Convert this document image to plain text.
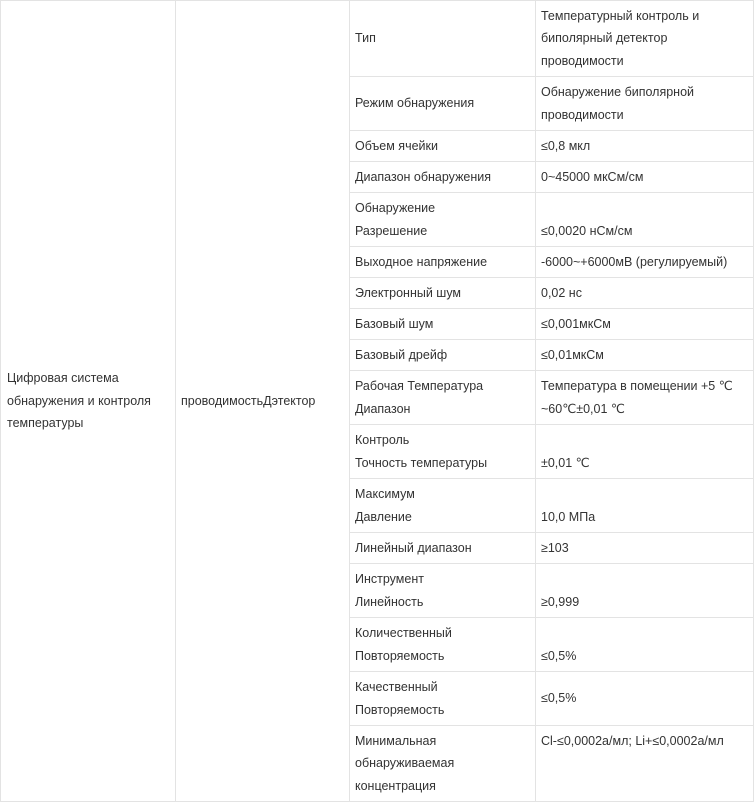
Цифровая система обнаружения и контроля температуры	проводимостьДэтектор	Тип	Температурный контроль и биполярный детектор проводимости

		Режим обнаружения	Обнаружение биполярной проводимости

		Объем ячейки	≤0,8 мкл

		Диапазон обнаружения	0~45000 мкСм/см

		Обнаружение
Разрешение	≤0,0020 нСм/см

		Выходное напряжение	-6000~+6000мВ (регулируемый)

		Электронный шум	0,02 нс

		Базовый шум	≤0,001мкСм

		Базовый дрейф	≤0,01мкСм

		Рабочая Температура
Диапазон	Температура в помещении +5 ℃ ~60℃±0,01 ℃

		Контроль
Точность температуры	±0,01 ℃

		Максимум
Давление	10,0 МПа

		Линейный диапазон	≥103

		Инструмент
Линейность	≥0,999

		Количественный
Повторяемость	≤0,5%

		Качественный
Повторяемость	≤0,5%

		Минимальная
обнаруживаемая
концентрация	Cl-≤0,0002а/мл; Li+≤0,0002а/мл
